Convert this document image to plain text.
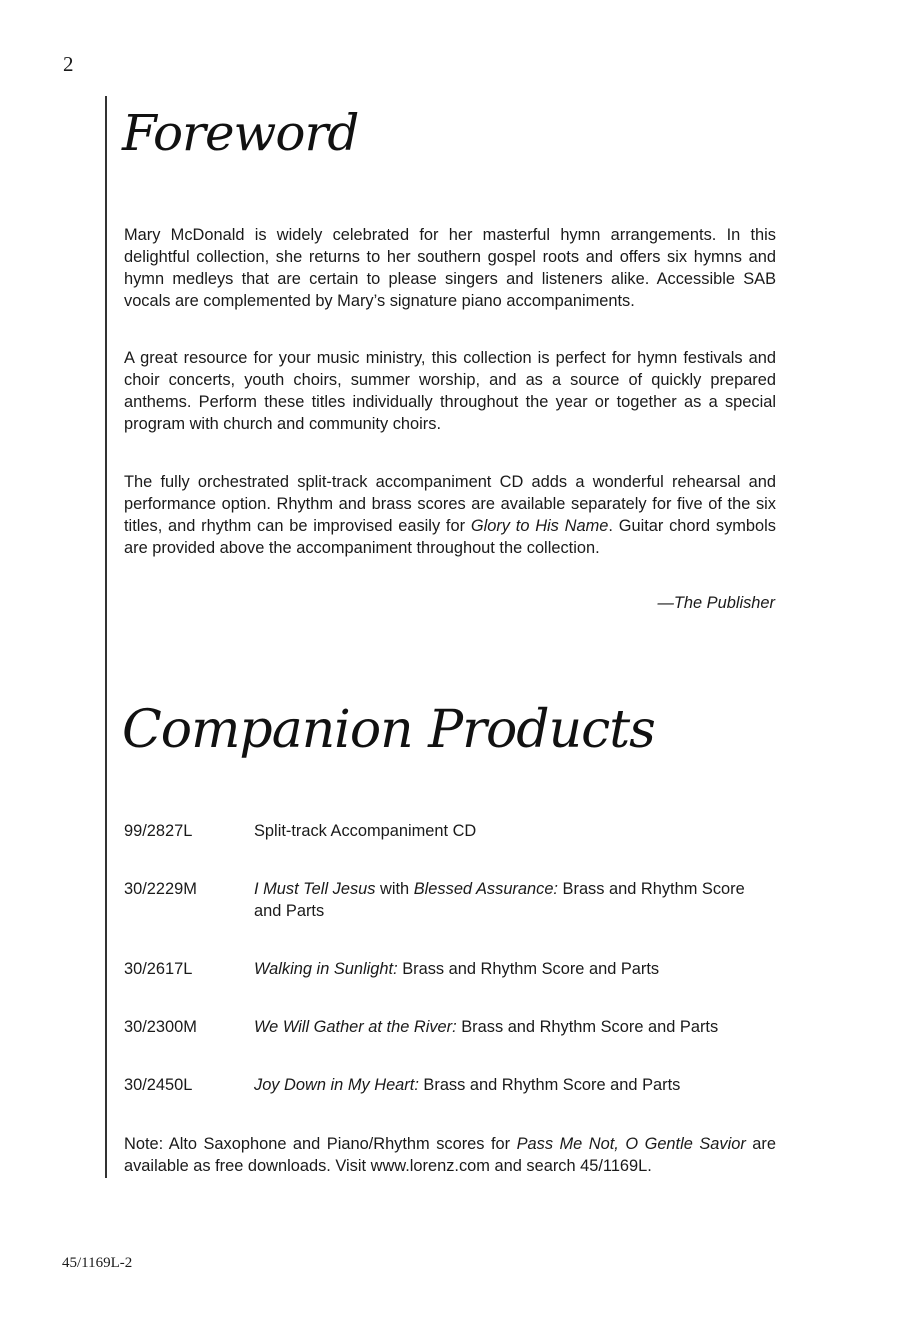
2
Foreword

Mary McDonald is widely celebrated for her masterful hymn arrangements. In this delightful collection, she returns to her southern gospel roots and offers six hymns and hymn medleys that are certain to please singers and listeners alike. Accessible SAB vocals are complemented by Mary’s signature piano accompaniments.

A great resource for your music ministry, this collection is perfect for hymn festivals and choir concerts, youth choirs, summer worship, and as a source of quickly prepared anthems. Perform these titles individually throughout the year or together as a special program with church and community choirs.

The fully orchestrated split-track accompaniment CD adds a wonderful rehearsal and performance option. Rhythm and brass scores are available separately for five of the six titles, and rhythm can be improvised easily for Glory to His Name. Guitar chord symbols are provided above the accompaniment throughout the collection.

—The Publisher
Companion Products
99/2827L	Split-track Accompaniment CD
30/2229M	I Must Tell Jesus with Blessed Assurance: Brass and Rhythm Score and Parts
30/2617L	Walking in Sunlight: Brass and Rhythm Score and Parts
30/2300M	We Will Gather at the River: Brass and Rhythm Score and Parts
30/2450L	Joy Down in My Heart: Brass and Rhythm Score and Parts

Note: Alto Saxophone and Piano/Rhythm scores for Pass Me Not, O Gentle Savior are available as free downloads. Visit www.lorenz.com and search 45/1169L.

45/1169L-2
